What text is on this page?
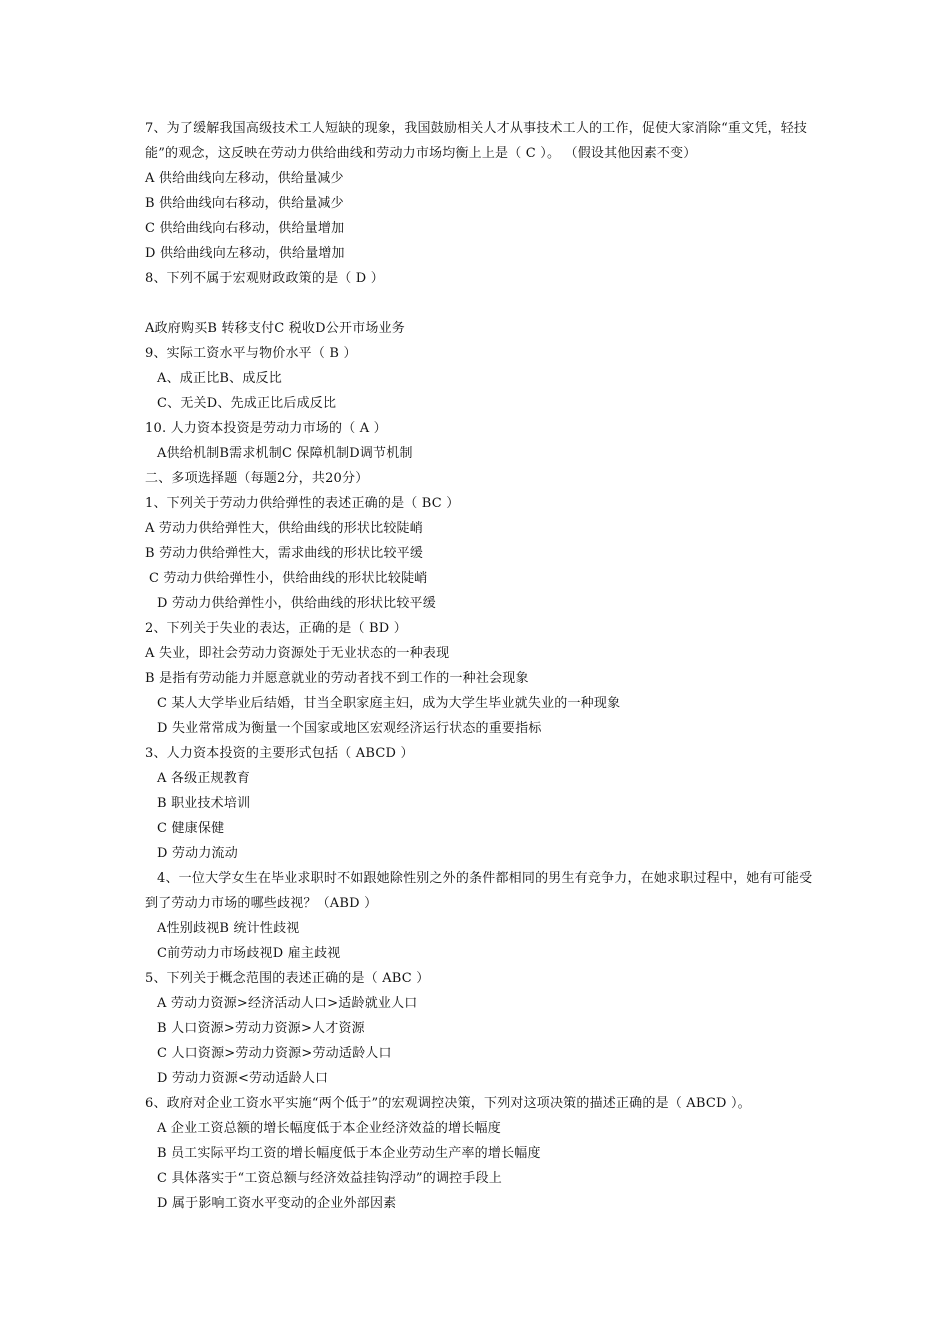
7、为了缓解我国高级技术工人短缺的现象，我国鼓励相关人才从事技术工人的工作，促使大家消除“重文凭，轻技能”的观念，这反映在劳动力供给曲线和劳动力市场均衡上上是（ C ）。 （假设其他因素不变）
A 供给曲线向左移动，供给量减少
B 供给曲线向右移动，供给量减少
C 供给曲线向右移动，供给量增加
D 供给曲线向左移动，供给量增加
8、下列不属于宏观财政政策的是（ D ）
A政府购买B 转移支付C 税收D公开市场业务
9、实际工资水平与物价水平（ B ）
A、成正比B、成反比
C、无关D、先成正比后成反比
10. 人力资本投资是劳动力市场的（ A ）
A供给机制B需求机制C 保障机制D调节机制
二、多项选择题（每题2分，共20分）
1、下列关于劳动力供给弹性的表述正确的是（ BC ）
A 劳动力供给弹性大，供给曲线的形状比较陡峭
B 劳动力供给弹性大，需求曲线的形状比较平缓
C 劳动力供给弹性小，供给曲线的形状比较陡峭
D 劳动力供给弹性小，供给曲线的形状比较平缓
2、下列关于失业的表达，正确的是（ BD ）
A 失业，即社会劳动力资源处于无业状态的一种表现
B 是指有劳动能力并愿意就业的劳动者找不到工作的一种社会现象
C 某人大学毕业后结婚，甘当全职家庭主妇，成为大学生毕业就失业的一种现象
D 失业常常成为衡量一个国家或地区宏观经济运行状态的重要指标
3、人力资本投资的主要形式包括（ ABCD ）
A 各级正规教育
B 职业技术培训
C 健康保健
D 劳动力流动
4、一位大学女生在毕业求职时不如跟她除性别之外的条件都相同的男生有竞争力，在她求职过程中，她有可能受到了劳动力市场的哪些歧视？（ABD ）
A性别歧视B 统计性歧视
C前劳动力市场歧视D 雇主歧视
5、下列关于概念范围的表述正确的是（ ABC ）
A 劳动力资源>经济活动人口>适龄就业人口
B 人口资源>劳动力资源>人才资源
C 人口资源>劳动力资源>劳动适龄人口
D 劳动力资源<劳动适龄人口
6、政府对企业工资水平实施“两个低于”的宏观调控决策，下列对这项决策的描述正确的是（ ABCD ）。
A 企业工资总额的增长幅度低于本企业经济效益的增长幅度
B 员工实际平均工资的增长幅度低于本企业劳动生产率的增长幅度
C 具体落实于“工资总额与经济效益挂钩浮动”的调控手段上
D 属于影响工资水平变动的企业外部因素
